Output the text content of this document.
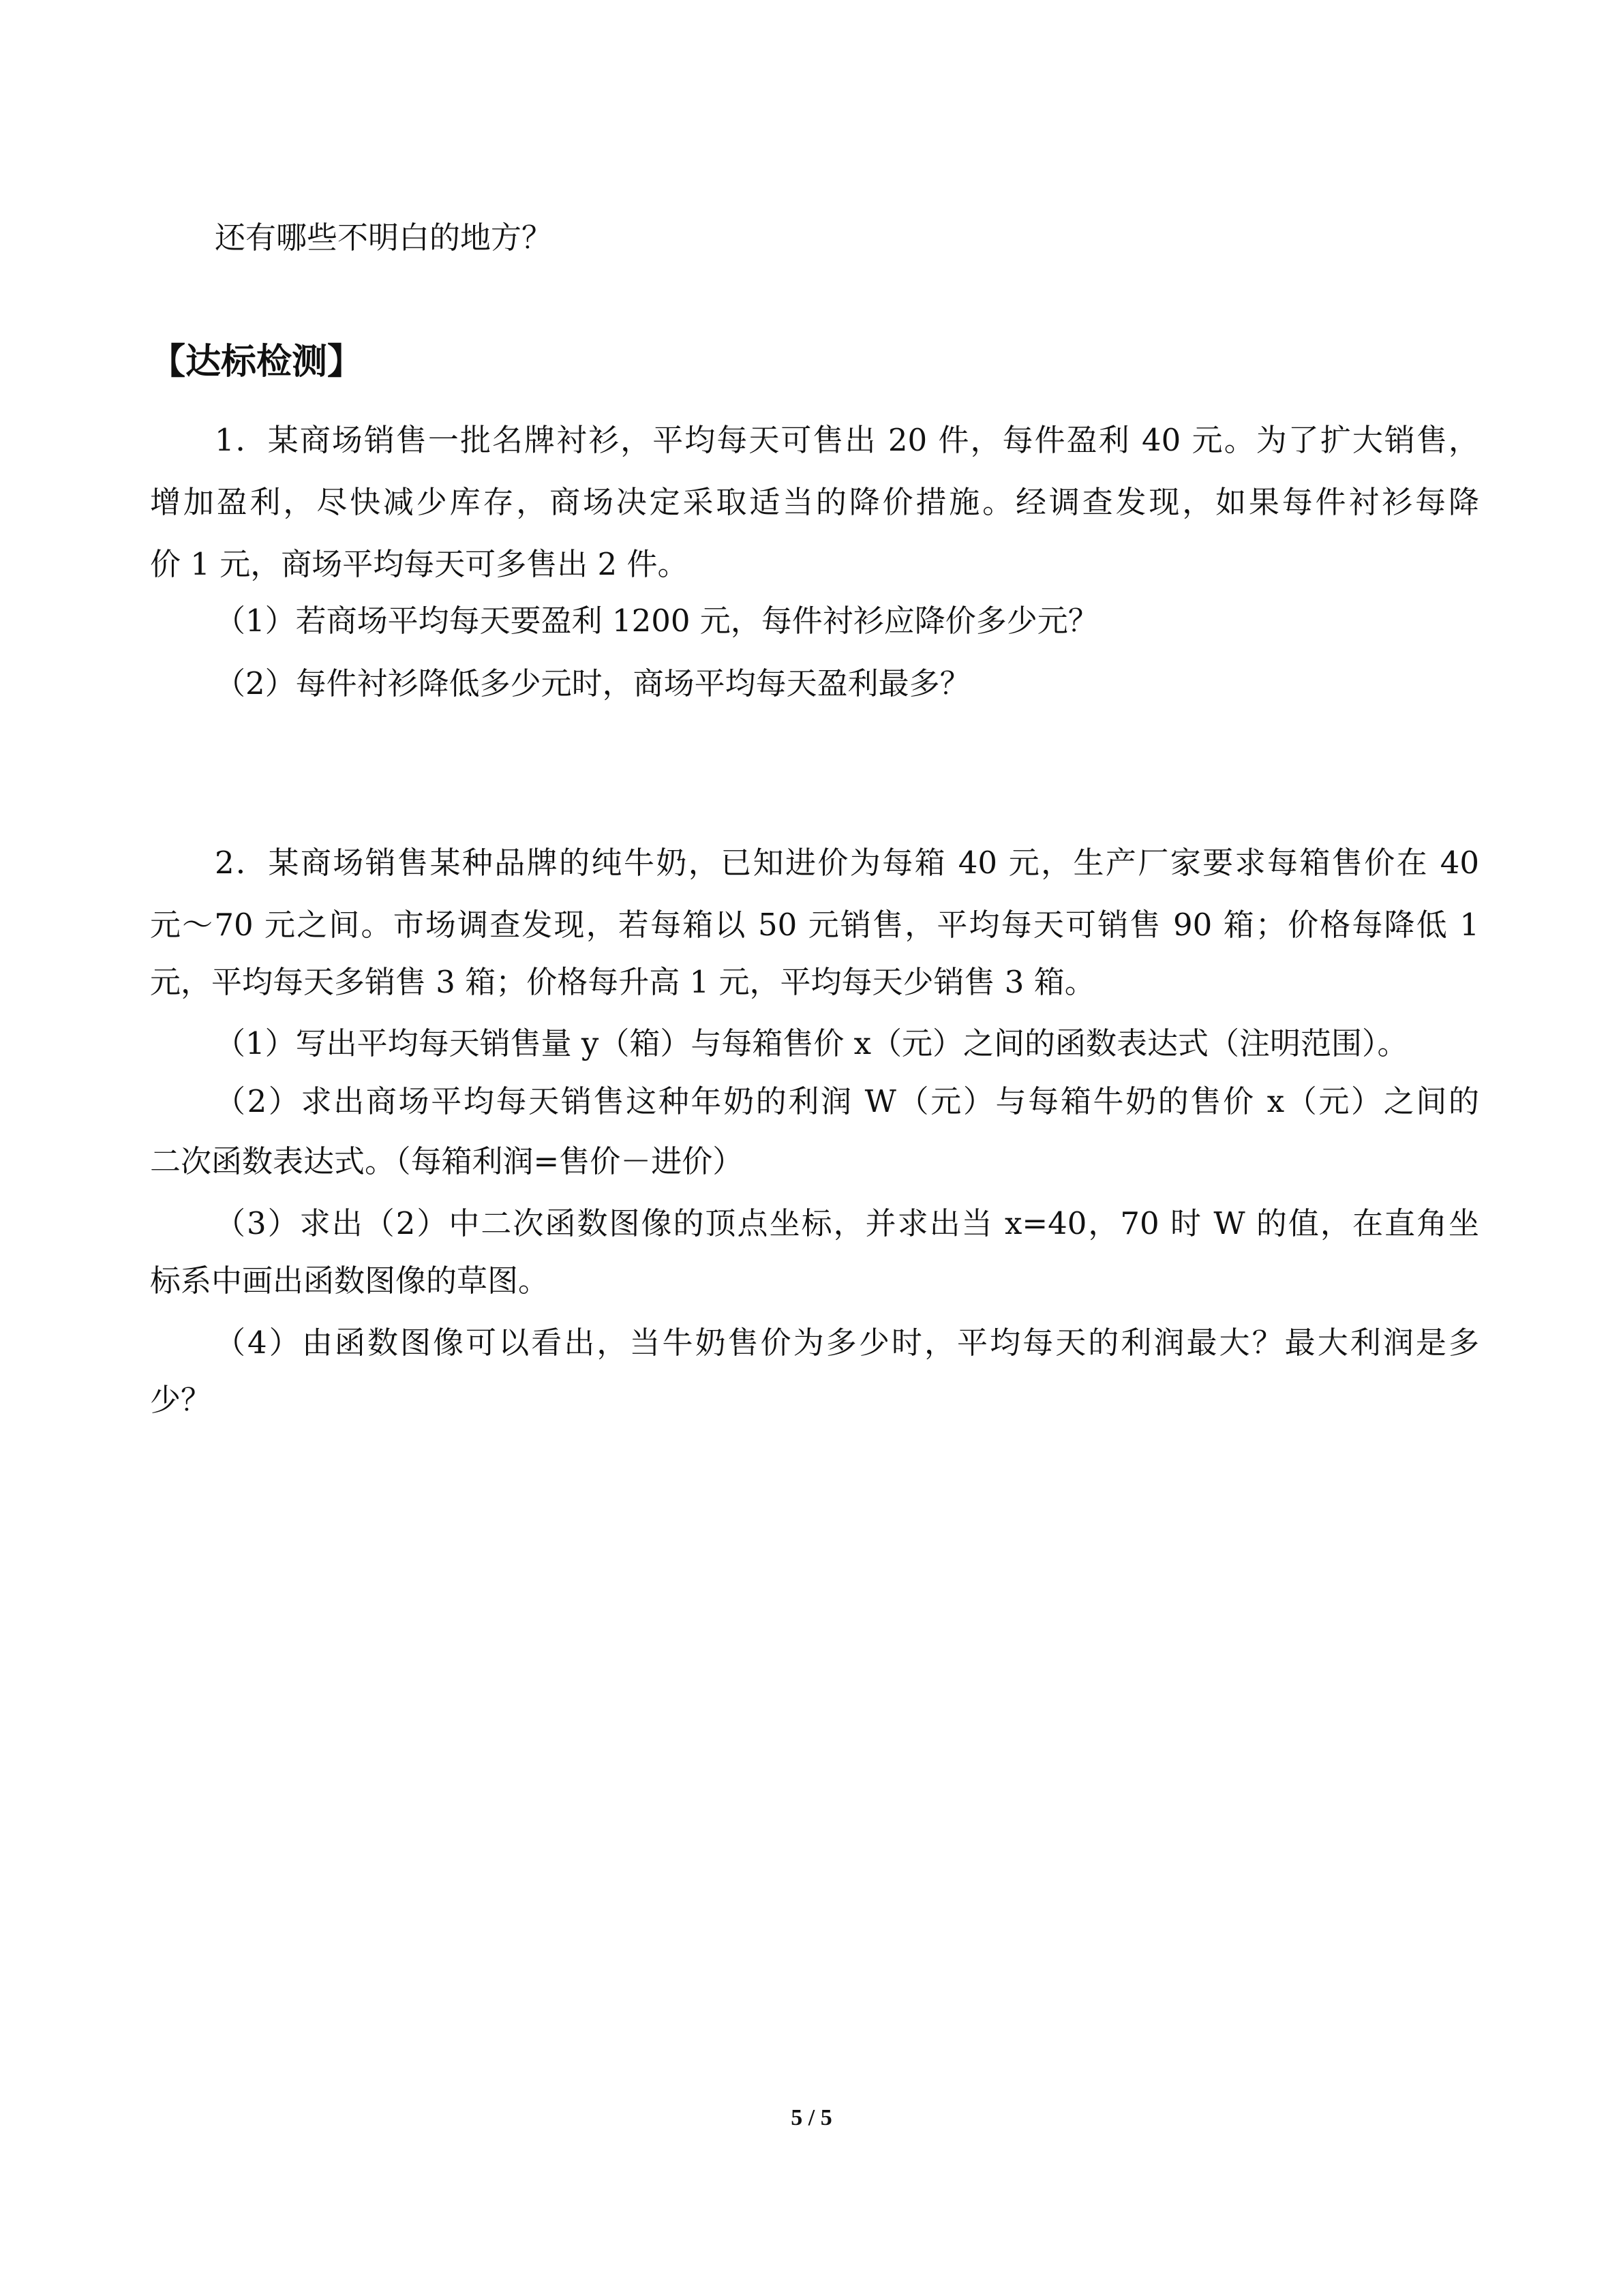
还有哪些不明白的地方？
【达标检测】
1．某商场销售一批名牌衬衫，平均每天可售出 20 件，每件盈利 40 元。为了扩大销售，
增加盈利，尽快减少库存，商场决定采取适当的降价措施。经调查发现，如果每件衬衫每降
价 1 元，商场平均每天可多售出 2 件。
（1）若商场平均每天要盈利 1200 元，每件衬衫应降价多少元？
（2）每件衬衫降低多少元时，商场平均每天盈利最多？
2．某商场销售某种品牌的纯牛奶，已知进价为每箱 40 元，生产厂家要求每箱售价在 40
元～70 元之间。市场调查发现，若每箱以 50 元销售，平均每天可销售 90 箱；价格每降低 1
元，平均每天多销售 3 箱；价格每升高 1 元，平均每天少销售 3 箱。
（1）写出平均每天销售量 y（箱）与每箱售价 x（元）之间的函数表达式（注明范围）。
（2）求出商场平均每天销售这种年奶的利润 W（元）与每箱牛奶的售价 x（元）之间的
二次函数表达式。（每箱利润=售价－进价）
（3）求出（2）中二次函数图像的顶点坐标，并求出当 x=40，70 时 W 的值，在直角坐
标系中画出函数图像的草图。
（4）由函数图像可以看出，当牛奶售价为多少时，平均每天的利润最大？最大利润是多
少？
5 / 5
